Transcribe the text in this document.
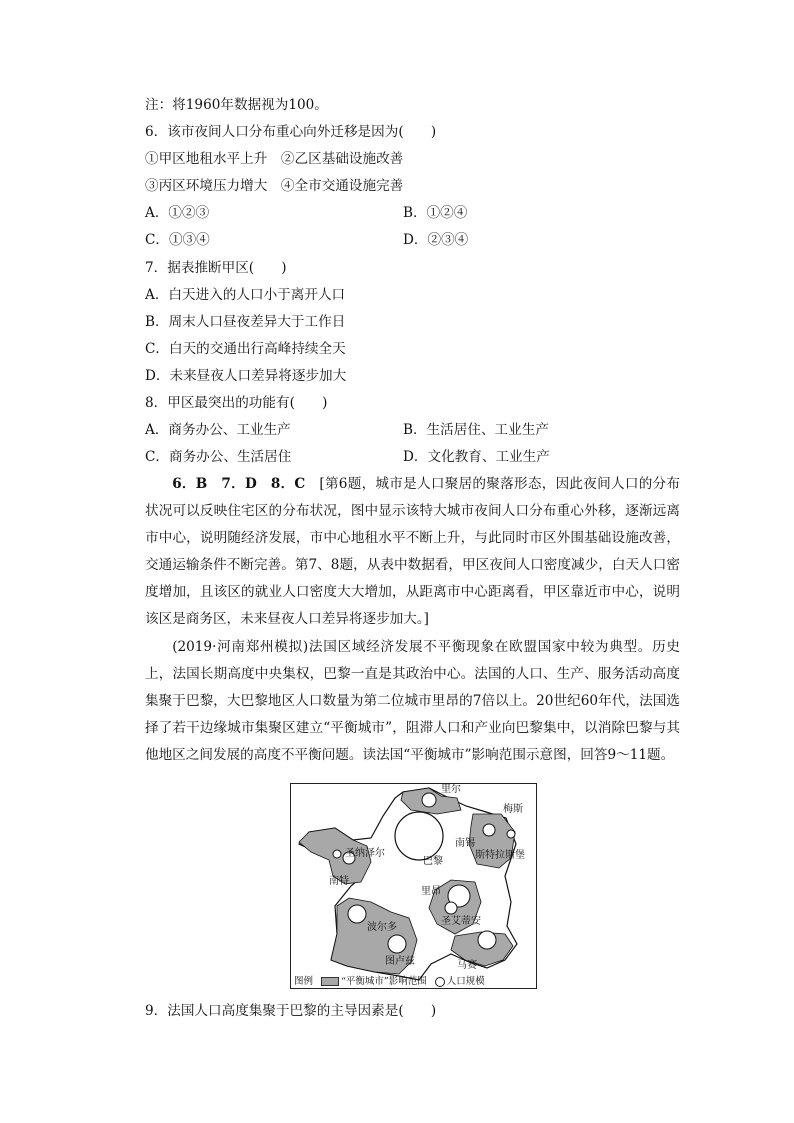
注：将1960年数据视为100。
6．该市夜间人口分布重心向外迁移是因为(　　)
①甲区地租水平上升　②乙区基础设施改善
③丙区环境压力增大　④全市交通设施完善
A．①②③	B．①②④
C．①③④	D．②③④
7．据表推断甲区(　　)
A．白天进入的人口小于离开人口
B．周末人口昼夜差异大于工作日
C．白天的交通出行高峰持续全天
D．未来昼夜人口差异将逐步加大
8．甲区最突出的功能有(　　)
A．商务办公、工业生产	B．生活居住、工业生产
C．商务办公、生活居住	D．文化教育、工业生产
6．B　7．D　8．C　 [第6题，城市是人口聚居的聚落形态，因此夜间人口的分布状况可以反映住宅区的分布状况，图中显示该特大城市夜间人口分布重心外移，逐渐远离市中心，说明随经济发展，市中心地租水平不断上升，与此同时市区外围基础设施改善，交通运输条件不断完善。第7、8题，从表中数据看，甲区夜间人口密度减少，白天人口密度增加，且该区的就业人口密度大大增加，从距离市中心距离看，甲区靠近市中心，说明该区是商务区，未来昼夜人口差异将逐步加大。]
(2019·河南郑州模拟)法国区域经济发展不平衡现象在欧盟国家中较为典型。历史上，法国长期高度中央集权，巴黎一直是其政治中心。法国的人口、生产、服务活动高度集聚于巴黎，大巴黎地区人口数量为第二位城市里昂的7倍以上。20世纪60年代，法国选择了若干边缘城市集聚区建立“平衡城市”，阻滞人口和产业向巴黎集中，以消除巴黎与其他地区之间发展的高度不平衡问题。读法国“平衡城市”影响范围示意图，回答9～11题。
里尔
梅斯
南锡
斯特拉斯堡
圣纳泽尔
巴黎
南特
里昂
圣艾蒂安
波尔多
图卢兹	马赛
图例	“平衡城市”影响范围 人口规模
9．法国人口高度集聚于巴黎的主导因素是(　　)
